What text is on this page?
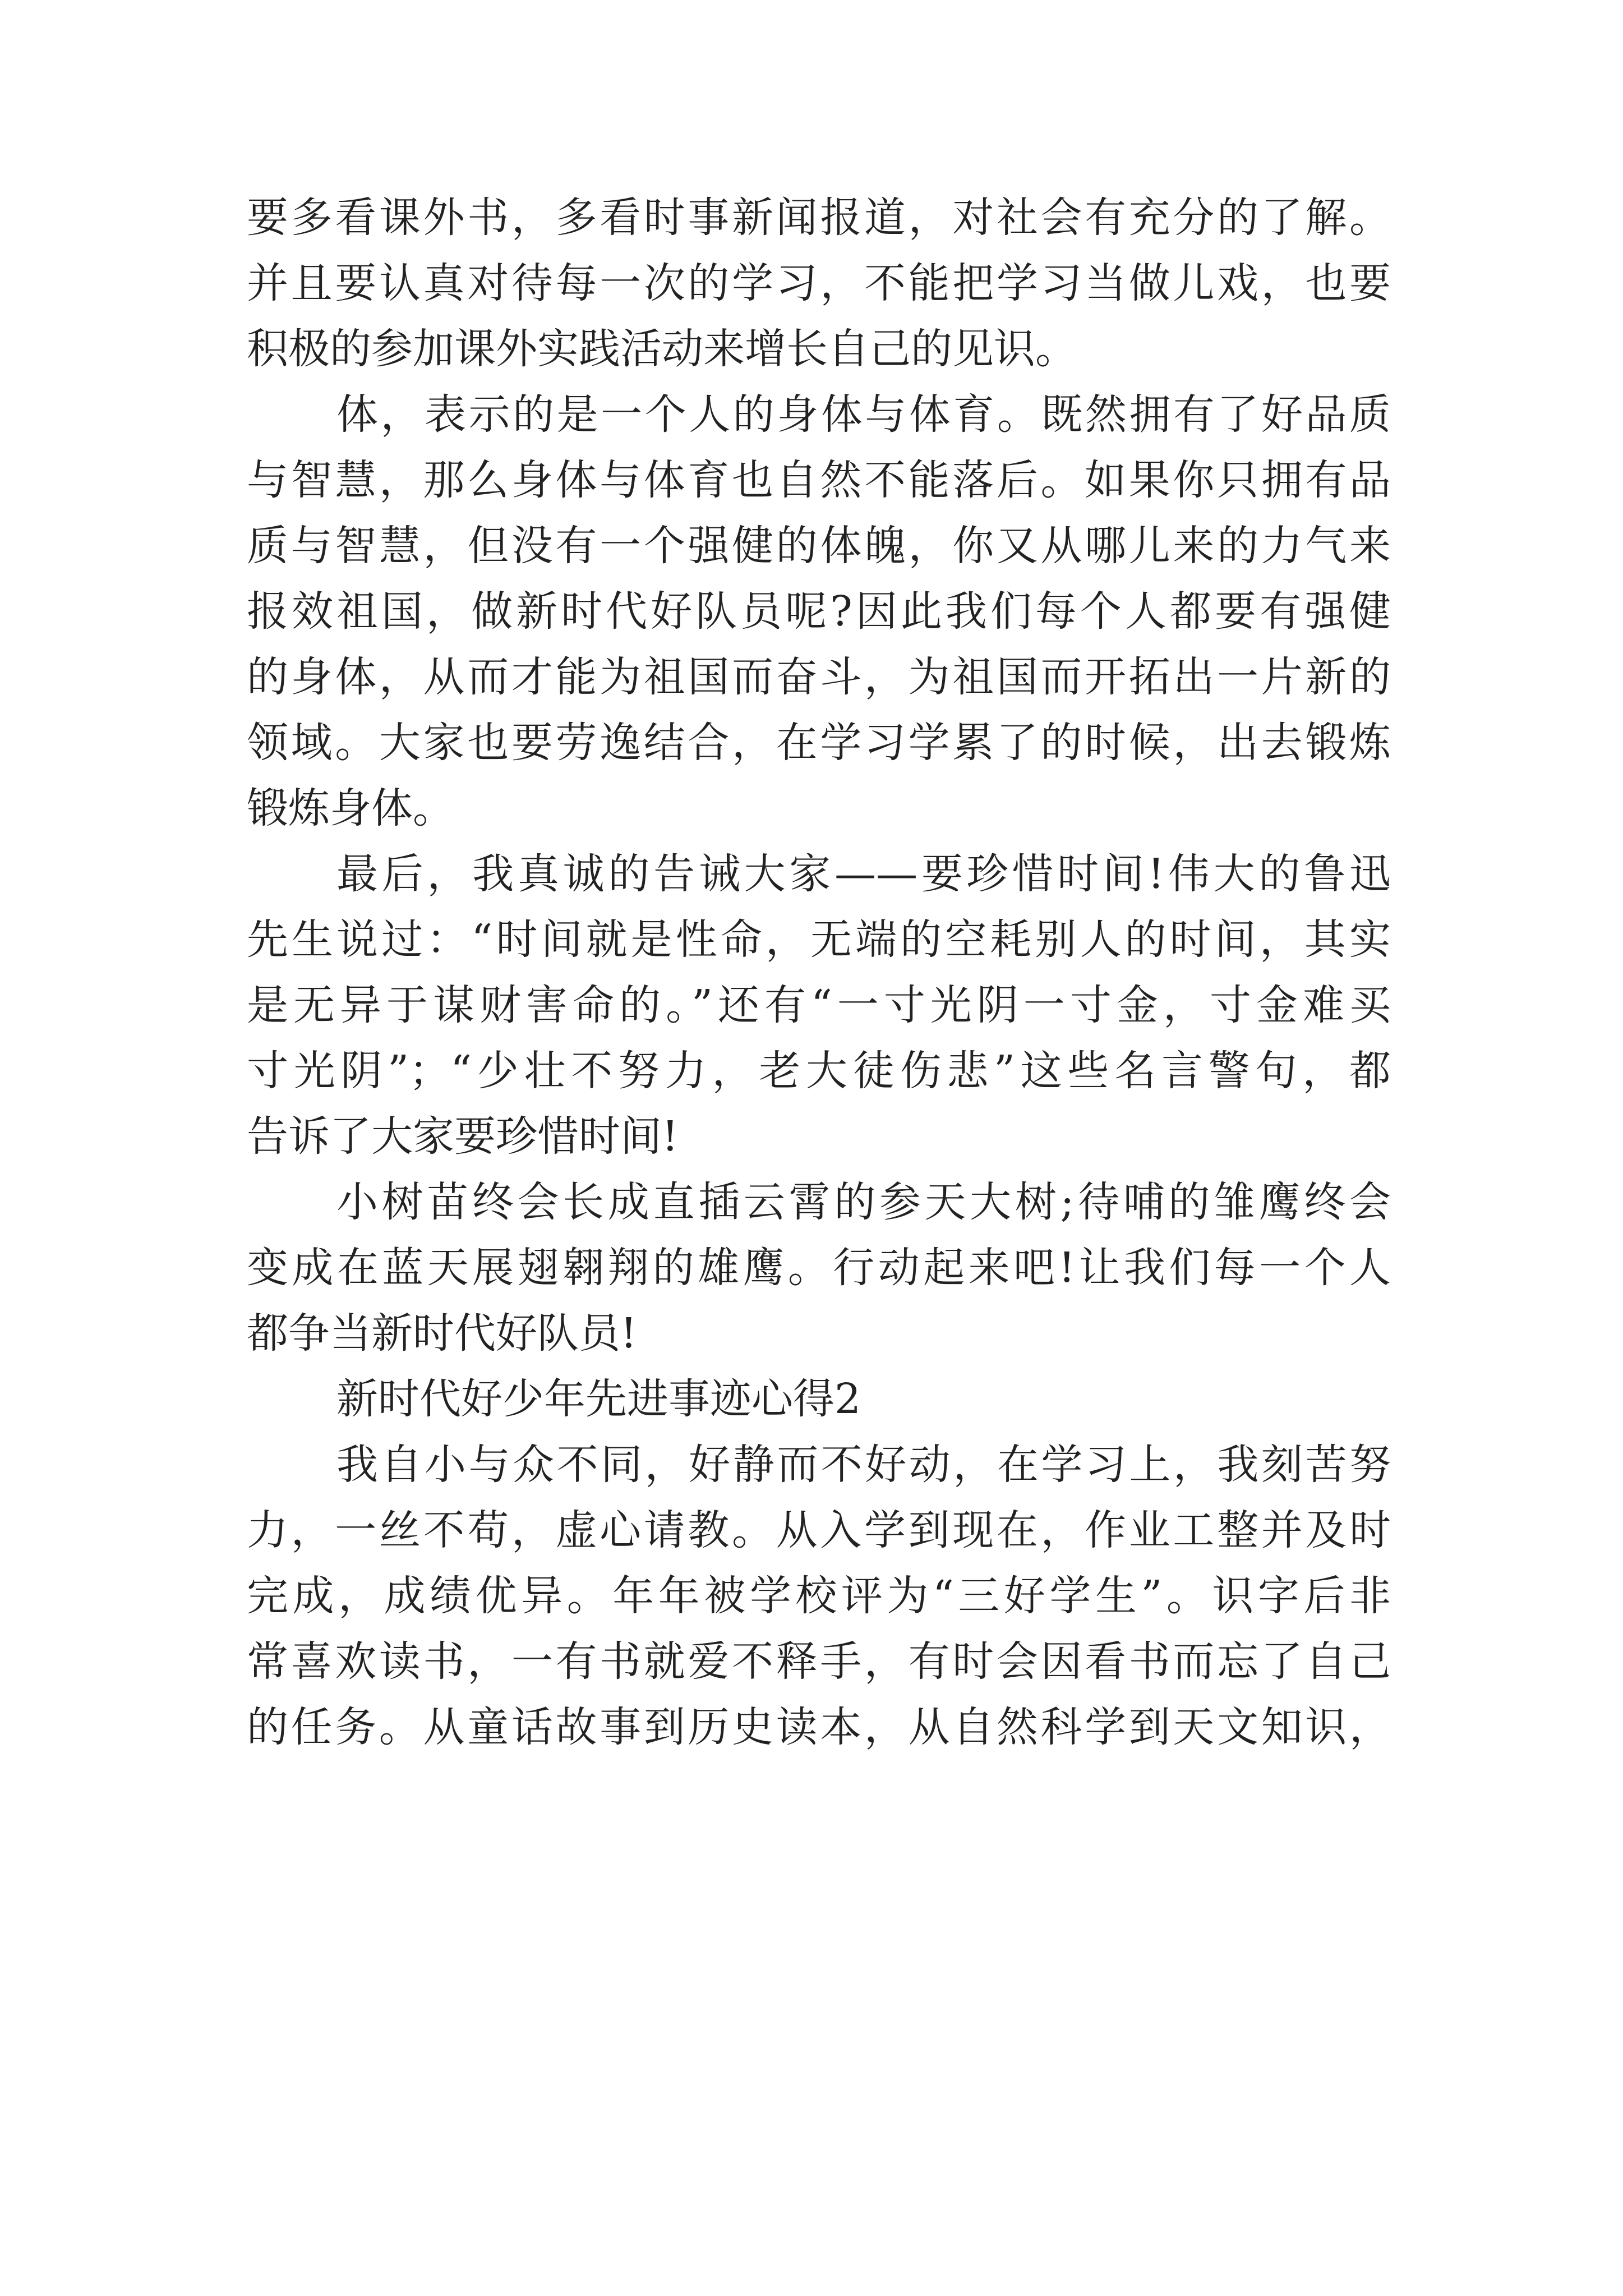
要多看课外书，多看时事新闻报道，对社会有充分的了解。
并且要认真对待每一次的学习，不能把学习当做儿戏，也要
积极的参加课外实践活动来增长自己的见识。
体，表示的是一个人的身体与体育。既然拥有了好品质
与智慧，那么身体与体育也自然不能落后。如果你只拥有品
质与智慧，但没有一个强健的体魄，你又从哪儿来的力气来
报效祖国，做新时代好队员呢?因此我们每个人都要有强健
的身体，从而才能为祖国而奋斗，为祖国而开拓出一片新的
领域。大家也要劳逸结合，在学习学累了的时候，出去锻炼
锻炼身体。
最后，我真诚的告诫大家——要珍惜时间!伟大的鲁迅
先生说过：“时间就是性命，无端的空耗别人的时间，其实
是无异于谋财害命的。”还有“一寸光阴一寸金，寸金难买
寸光阴”；“少壮不努力，老大徒伤悲”这些名言警句，都
告诉了大家要珍惜时间!
小树苗终会长成直插云霄的参天大树;待哺的雏鹰终会
变成在蓝天展翅翱翔的雄鹰。行动起来吧!让我们每一个人
都争当新时代好队员!
新时代好少年先进事迹心得2
我自小与众不同，好静而不好动，在学习上，我刻苦努
力，一丝不苟，虚心请教。从入学到现在，作业工整并及时
完成，成绩优异。年年被学校评为“三好学生”。识字后非
常喜欢读书，一有书就爱不释手，有时会因看书而忘了自己
的任务。从童话故事到历史读本，从自然科学到天文知识，
